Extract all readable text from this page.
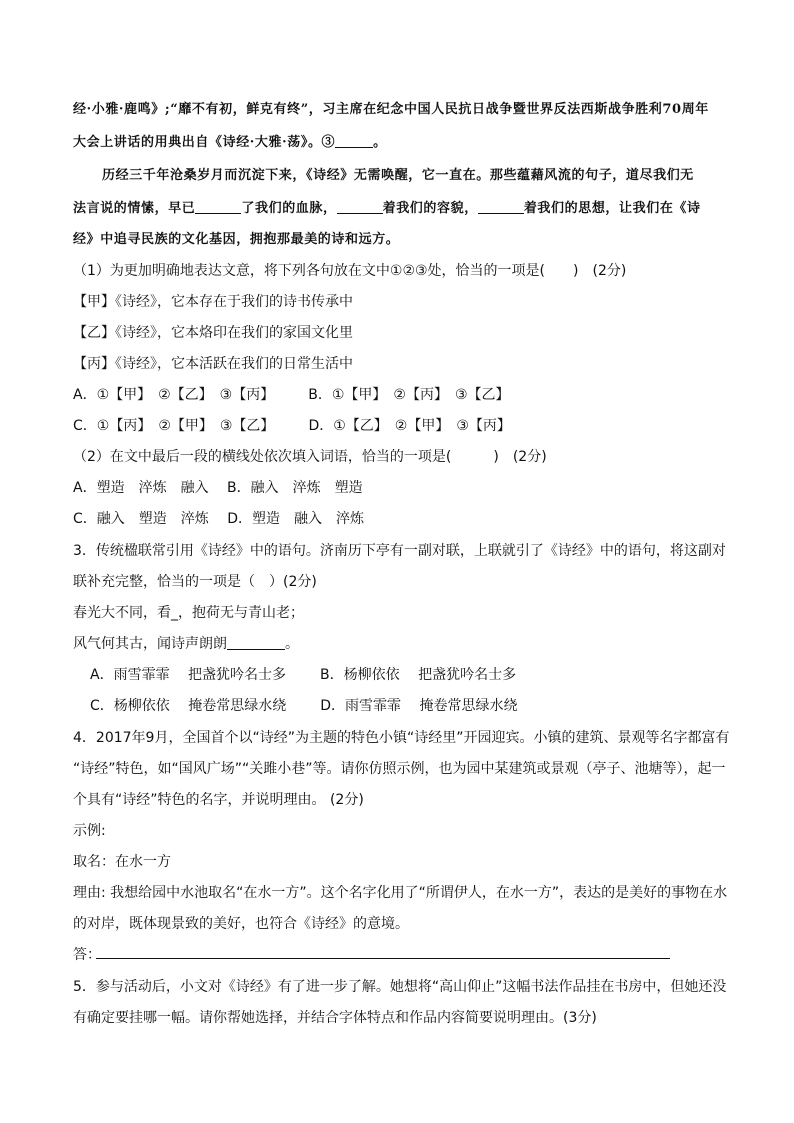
经·小雅·鹿鸣》;“靡不有初，鲜克有终”，习主席在纪念中国人民抗日战争暨世界反法西斯战争胜利70周年
大会上讲话的用典出自《诗经·大雅·荡》。③	。
历经三千年沧桑岁月而沉淀下来，《诗经》无需唤醒，它一直在。那些蕴藉风流的句子，道尽我们无
法言说的情愫，早已	了我们的血脉，	着我们的容貌，	着我们的思想，让我们在《诗
经》中追寻民族的文化基因，拥抱那最美的诗和远方。
（1）为更加明确地表达文意，将下列各句放在文中①②③处，恰当的一项是(　　)　(2分)
【甲】《诗经》，它本存在于我们的诗书传承中
【乙】《诗经》，它本烙印在我们的家国文化里
【丙】《诗经》，它本活跃在我们的日常生活中
A．①【甲】　②【乙】　③【丙】 B．①【甲】　②【丙】　③【乙】
C．①【丙】　②【甲】　③【乙】 D．①【乙】　②【甲】　③【丙】
（2）在文中最后一段的横线处依次填入词语，恰当的一项是(　　　)　(2分)
A．塑造　淬炼　融入　 B．融入　淬炼　塑造
C．融入　塑造　淬炼　 D．塑造　融入　淬炼
3．传统楹联常引用《诗经》中的语句。济南历下亭有一副对联，上联就引了《诗经》中的语句，将这副对
联补充完整，恰当的一项是（　）(2分)
春光大不同，看_，抱荷无与青山老；
风气何其古，闻诗声朗朗	。
A．雨雪霏霏　 把盏犹吟名士多 B．杨柳依依　 把盏犹吟名士多
C．杨柳依依　 掩卷常思绿水绕 D．雨雪霏霏　 掩卷常思绿水绕
4．2017年9月，全国首个以“诗经”为主题的特色小镇“诗经里”开园迎宾。小镇的建筑、景观等名字都富有
“诗经”特色，如“国风广场”“关雎小巷”等。请你仿照示例，也为园中某建筑或景观（亭子、池塘等），起一
个具有“诗经”特色的名字，并说明理由。 (2分)
示例:
取名：在水一方
理由: 我想给园中水池取名“在水一方”。这个名字化用了“所谓伊人，在水一方”，表达的是美好的事物在水
的对岸，既体现景致的美好，也符合《诗经》的意境。
答：
5．参与活动后，小文对《诗经》有了进一步了解。她想将“高山仰止”这幅书法作品挂在书房中，但她还没
有确定要挂哪一幅。请你帮她选择，并结合字体特点和作品内容简要说明理由。(3分)
